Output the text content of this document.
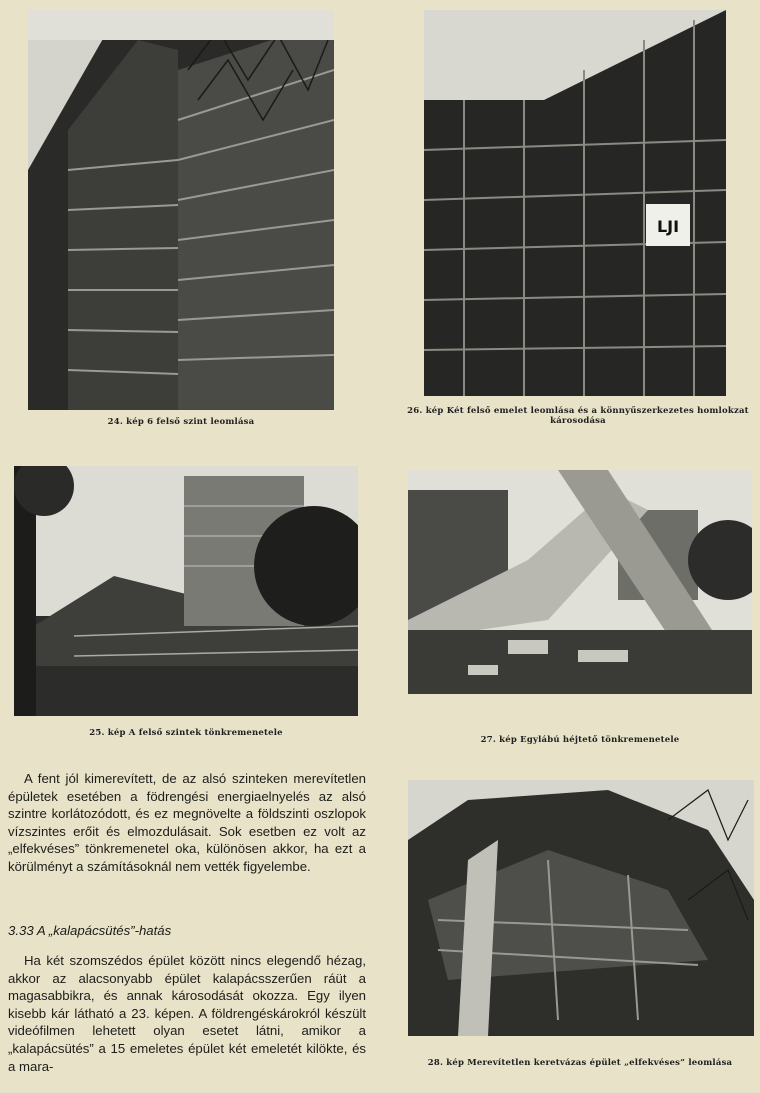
24. kép 6 felső szint leomlása
LJI
26. kép Két felső emelet leomlása és a könnyűszerkezetes homlokzat károsodása
25. kép A felső szintek tönkremenetele
27. kép Egylábú héjtető tönkremenetele

A fent jól kimerevített, de az alsó szinteken merevítetlen épületek esetében a födrengési energiaelnyelés az alsó szintre korlátozódott, és ez megnövelte a földszinti oszlopok vízszintes erőit és elmozdulásait. Sok esetben ez volt az „elfekvéses” tönkremenetel oka, különösen akkor, ha ezt a körülményt a számításoknál nem vették figyelembe.

3.33 A „kalapácsütés”-hatás

Ha két szomszédos épület között nincs elegendő hézag, akkor az alacsonyabb épület kalapácsszerűen ráüt a magasabbikra, és annak károsodását okozza. Egy ilyen kisebb kár látható a 23. képen. A földrengéskárokról készült videófilmen lehetett olyan esetet látni, amikor a „kalapácsütés” a 15 emeletes épület két emeletét kilökte, és a mara-	28. kép Merevítetlen keretvázas épület „elfekvéses” leomlása
